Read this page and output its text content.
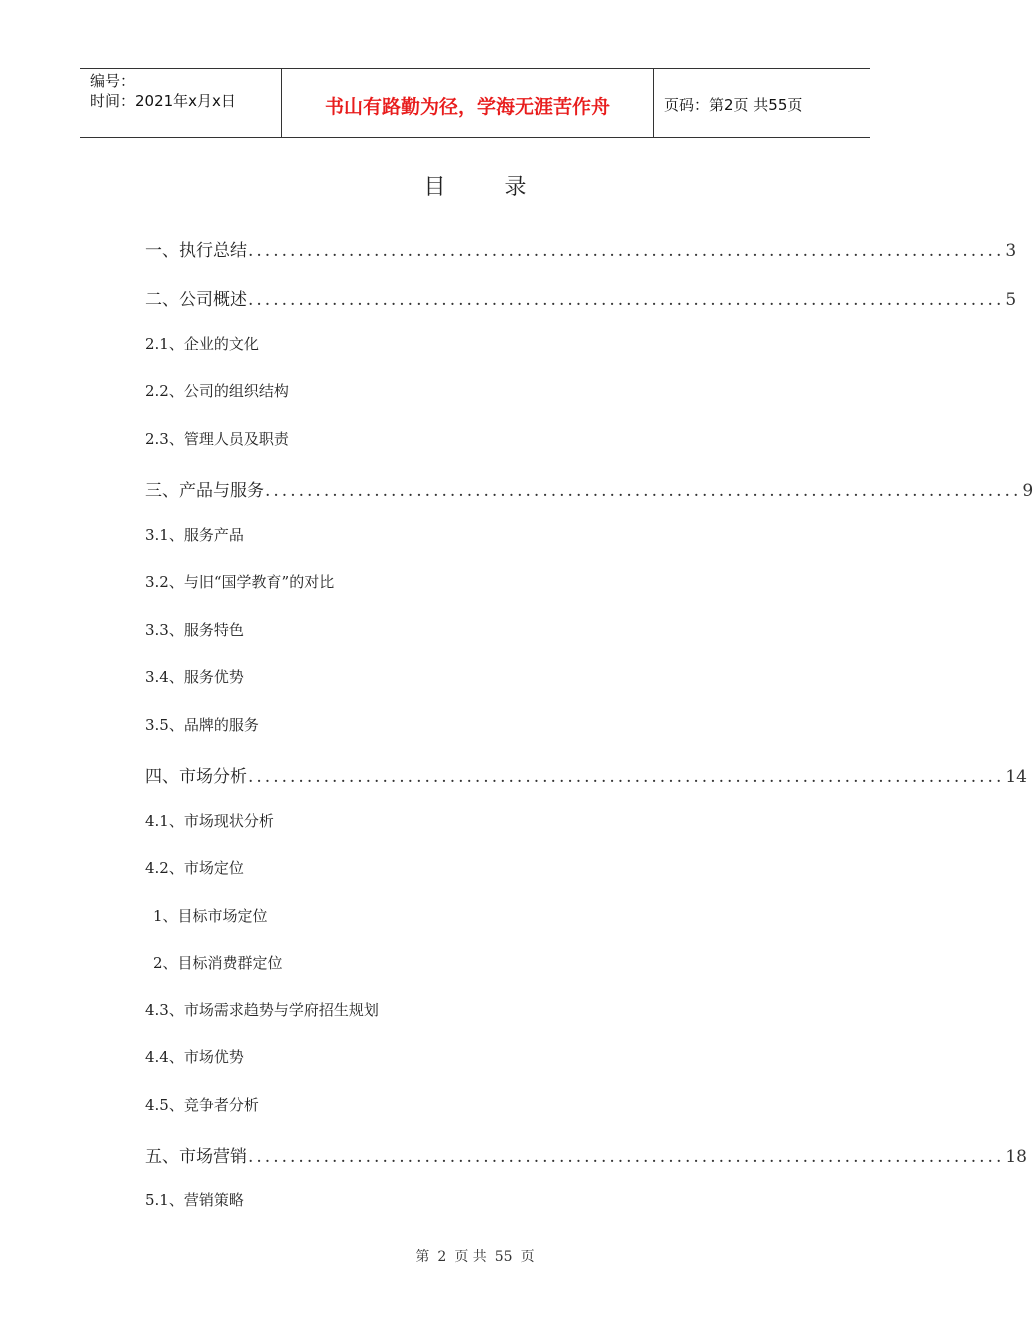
编号：
时间：2021年x月x日	书山有路勤为径，学海无涯苦作舟	页码：第2页 共55页
目 录
一、执行总结 .......................................................................................... 3
二、公司概述 .......................................................................................... 5
2.1、企业的文化
2.2、公司的组织结构
2.3、管理人员及职责
三、产品与服务 .......................................................................................... 9
3.1、服务产品
3.2、与旧“国学教育”的对比
3.3、服务特色
3.4、服务优势
3.5、品牌的服务
四、市场分析 .......................................................................................... 14
4.1、市场现状分析
4.2、市场定位
1、目标市场定位
2、目标消费群定位
4.3、市场需求趋势与学府招生规划
4.4、市场优势
4.5、竞争者分析
五、市场营销 .......................................................................................... 18
5.1、营销策略
第 2 页 共 55 页
